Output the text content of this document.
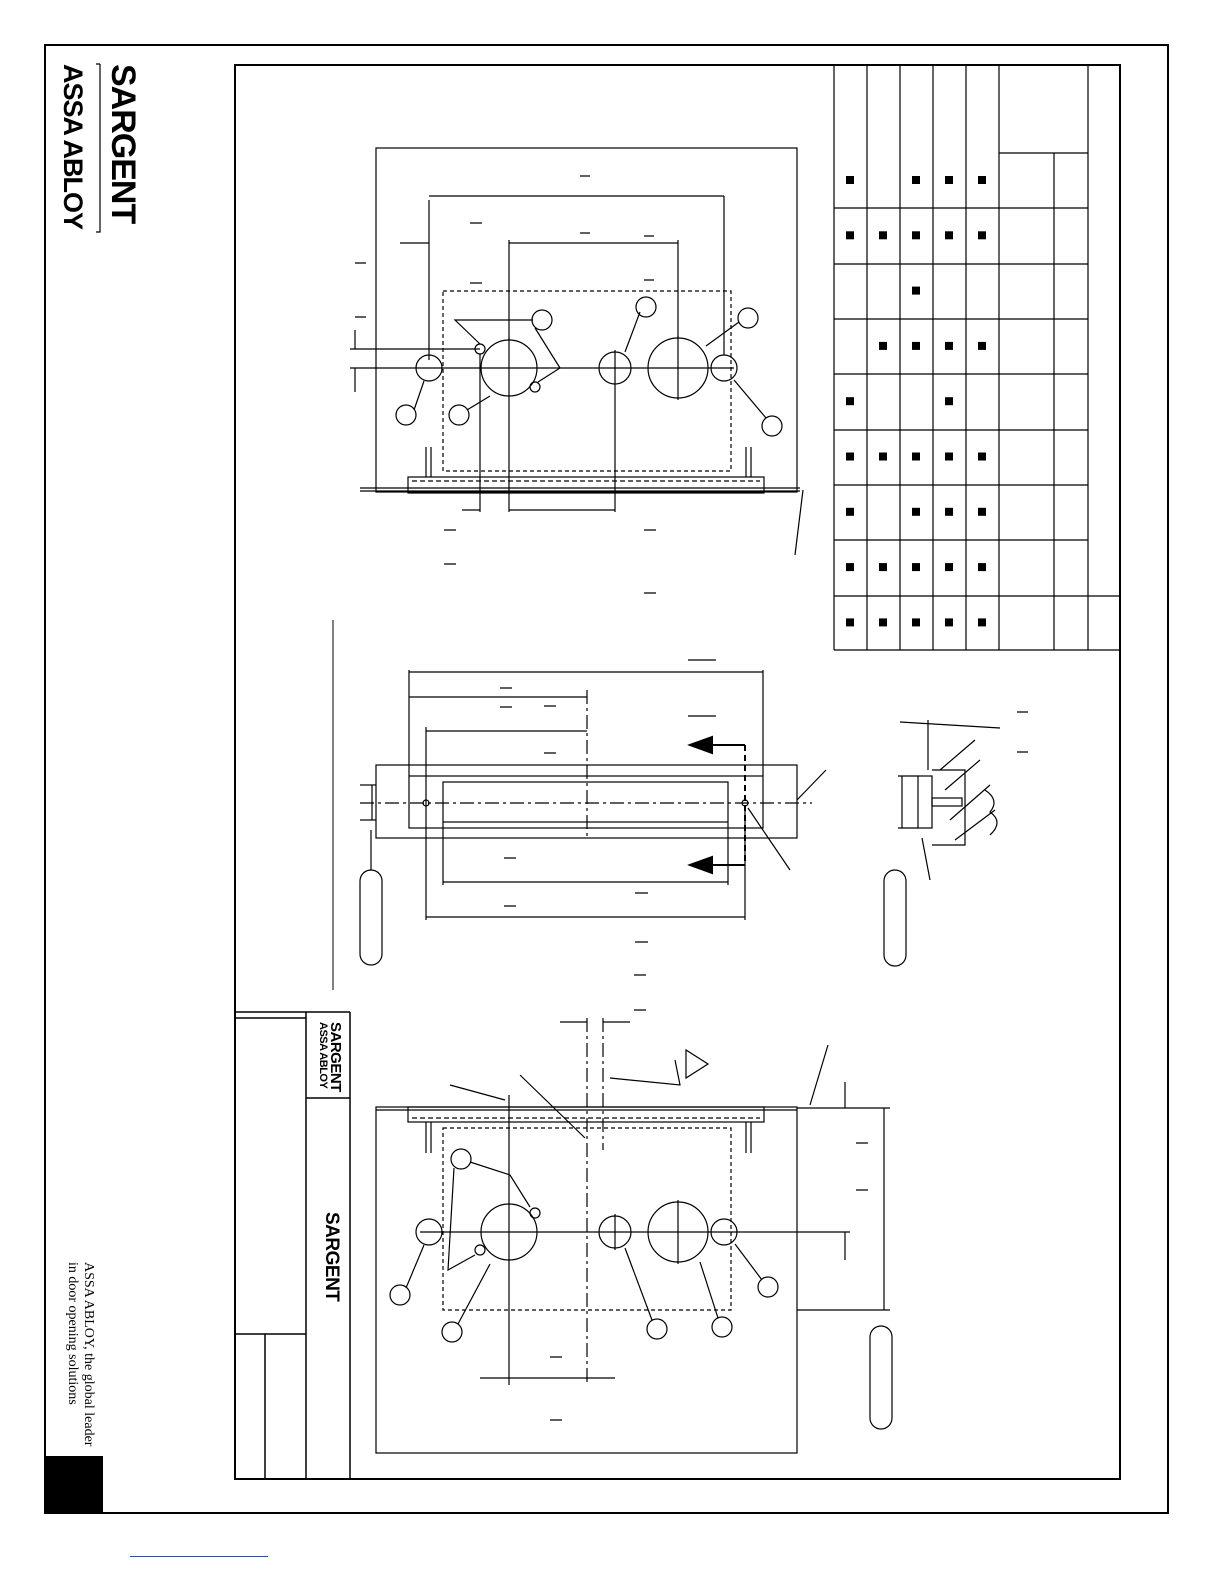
SARGENT
ASSA ABLOY
ASSA ABLOY, the global leader
in door opening solutions
SARGENT
ASSA ABLOY
SARGENT
